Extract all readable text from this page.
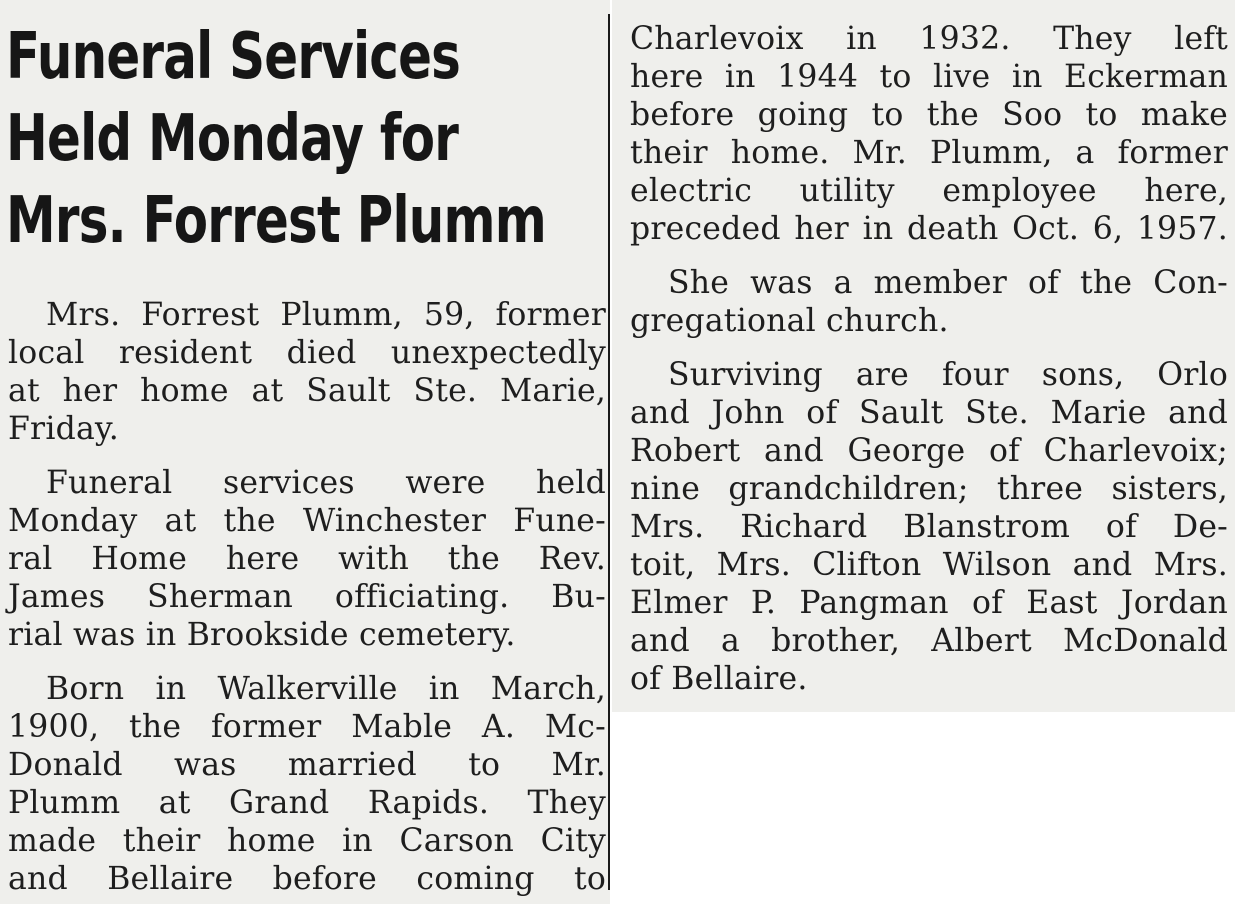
Funeral Services
Held Monday for
Mrs. Forrest Plumm

Mrs. Forrest Plumm, 59, former
local resident died unexpectedly
at her home at Sault Ste. Marie,
Friday.

Funeral services were held
Monday at the Winchester Fune-
ral Home here with the Rev.
James Sherman officiating. Bu-
rial was in Brookside cemetery.

Born in Walkerville in March,
1900, the former Mable A. Mc-
Donald was married to Mr.
Plumm at Grand Rapids. They
made their home in Carson City
and Bellaire before coming to

Charlevoix in 1932. They left
here in 1944 to live in Eckerman
before going to the Soo to make
their home. Mr. Plumm, a former
electric utility employee here,
preceded her in death Oct. 6, 1957.

She was a member of the Con-
gregational church.

Surviving are four sons, Orlo
and John of Sault Ste. Marie and
Robert and George of Charlevoix;
nine grandchildren; three sisters,
Mrs. Richard Blanstrom of De-
toit, Mrs. Clifton Wilson and Mrs.
Elmer P. Pangman of East Jordan
and a brother, Albert McDonald
of Bellaire.
